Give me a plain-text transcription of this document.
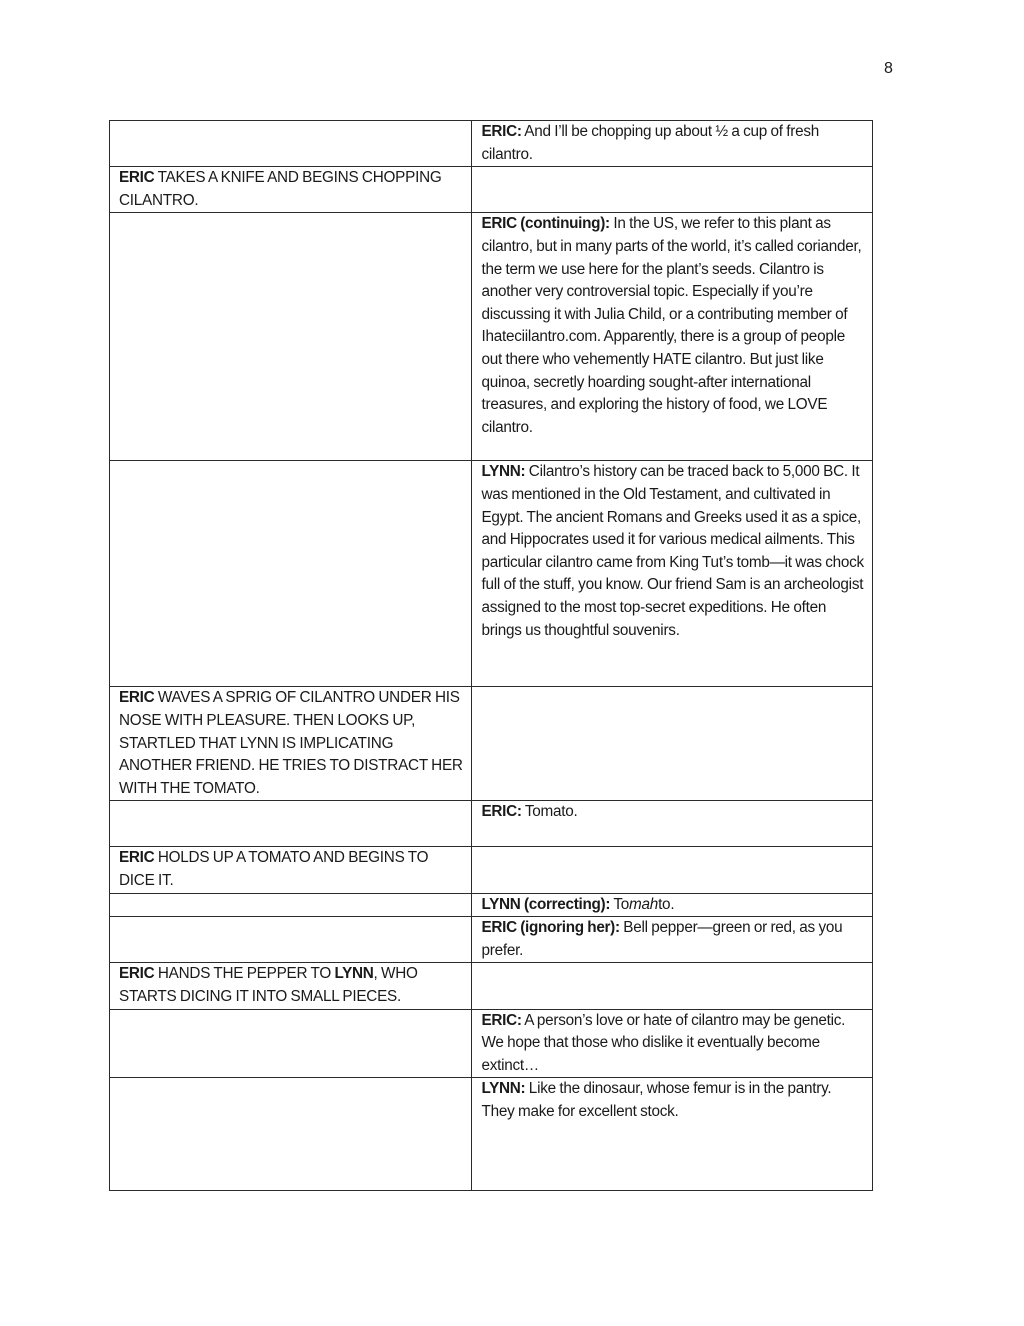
8
	ERIC: And I’ll be chopping up about ½ a cup of fresh cilantro.
ERIC TAKES A KNIFE AND BEGINS CHOPPING CILANTRO.	
	ERIC (continuing): In the US, we refer to this plant as cilantro, but in many parts of the world, it’s called coriander, the term we use here for the plant’s seeds. Cilantro is another very controversial topic. Especially if you’re discussing it with Julia Child, or a contributing member of Ihateciilantro.com. Apparently, there is a group of people out there who vehemently HATE cilantro. But just like quinoa, secretly hoarding sought-after international treasures, and exploring the history of food, we LOVE cilantro.
	LYNN: Cilantro’s history can be traced back to 5,000 BC. It was mentioned in the Old Testament, and cultivated in Egypt. The ancient Romans and Greeks used it as a spice, and Hippocrates used it for various medical ailments. This particular cilantro came from King Tut’s tomb—it was chock full of the stuff, you know. Our friend Sam is an archeologist assigned to the most top-secret expeditions. He often brings us thoughtful souvenirs.
ERIC WAVES A SPRIG OF CILANTRO UNDER HIS NOSE WITH PLEASURE. THEN LOOKS UP, STARTLED THAT LYNN IS IMPLICATING ANOTHER FRIEND. HE TRIES TO DISTRACT HER WITH THE TOMATO.	
	ERIC: Tomato.
ERIC HOLDS UP A TOMATO AND BEGINS TO DICE IT.	
	LYNN (correcting): Tomahto.
	ERIC (ignoring her): Bell pepper—green or red, as you prefer.
ERIC HANDS THE PEPPER TO LYNN, WHO STARTS DICING IT INTO SMALL PIECES.	
	ERIC: A person’s love or hate of cilantro may be genetic. We hope that those who dislike it eventually become extinct…
	LYNN: Like the dinosaur, whose femur is in the pantry. They make for excellent stock.
